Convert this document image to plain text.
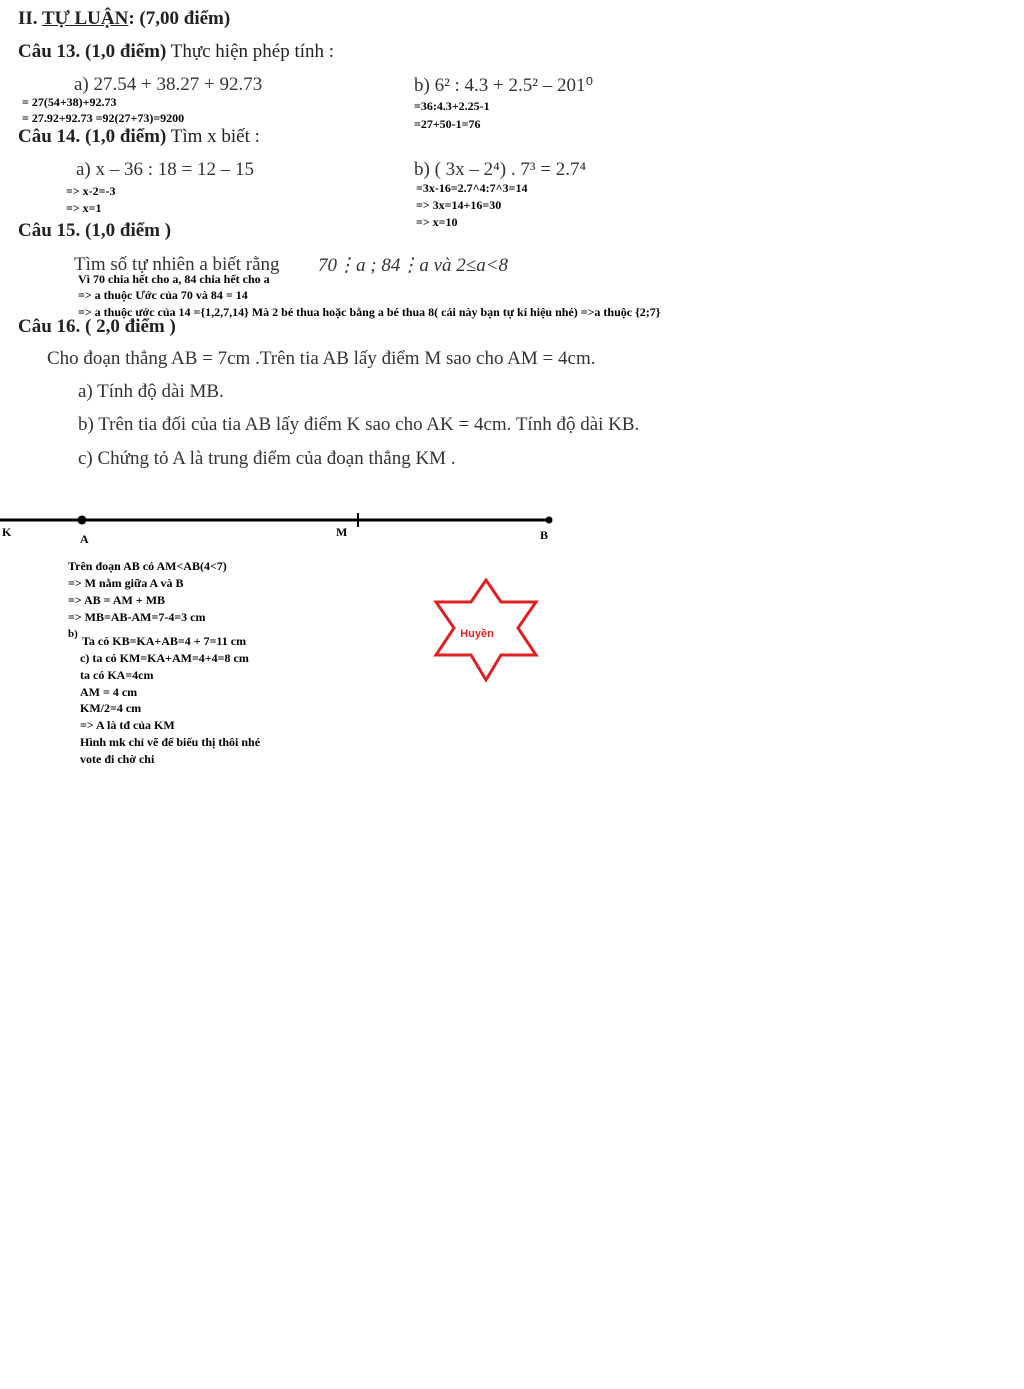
II. TỰ LUẬN: (7,00 điểm)
Câu 13. (1,0 điểm) Thực hiện phép tính :
a) 27.54 + 38.27 + 92.73	b) 6² : 4.3 + 2.5² – 201⁰
= 27(54+38)+92.73
= 27.92+92.73 =92(27+73)=9200
=36:4.3+2.25-1
=27+50-1=76
Câu 14. (1,0 điểm) Tìm x biết :
a) x – 36 : 18 = 12 – 15	b) ( 3x – 2⁴) . 7³ = 2.7⁴
=> x-2=-3
=> x=1
=3x-16=2.7^4:7^3=14
=> 3x=14+16=30
=> x=10
Câu 15. (1,0 điểm )
Tìm số tự nhiên a biết rằng 70⋮a ; 84⋮a và 2≤a<8
Vì 70 chia hết cho a, 84 chia hết cho a
=> a thuộc Ước của 70 và 84 = 14
=> a thuộc ước của 14 ={1,2,7,14} Mà 2 bé thua hoặc bằng a bé thua 8( cái này bạn tự kí hiệu nhé) =>a thuộc {2;7}
Câu 16. ( 2,0 điểm )
Cho đoạn thẳng AB = 7cm .Trên tia AB lấy điểm M sao cho AM = 4cm.
a) Tính độ dài MB.
b) Trên tia đối của tia AB lấy điểm K sao cho AK = 4cm. Tính độ dài KB.
c) Chứng tỏ A là trung điểm của đoạn thẳng KM .
K	A	M	B
Trên đoạn AB có AM<AB(4<7)
=> M nằm giữa A và B
=> AB = AM + MB
=> MB=AB-AM=7-4=3 cm
b) Ta có KB=KA+AB=4 + 7=11 cm
c) ta có KM=KA+AM=4+4=8 cm
ta có KA=4cm
AM = 4 cm
KM/2=4 cm
=> A là tđ của KM
Hình mk chỉ vẽ để biểu thị thôi nhé
vote đi chờ chi
Huyền
